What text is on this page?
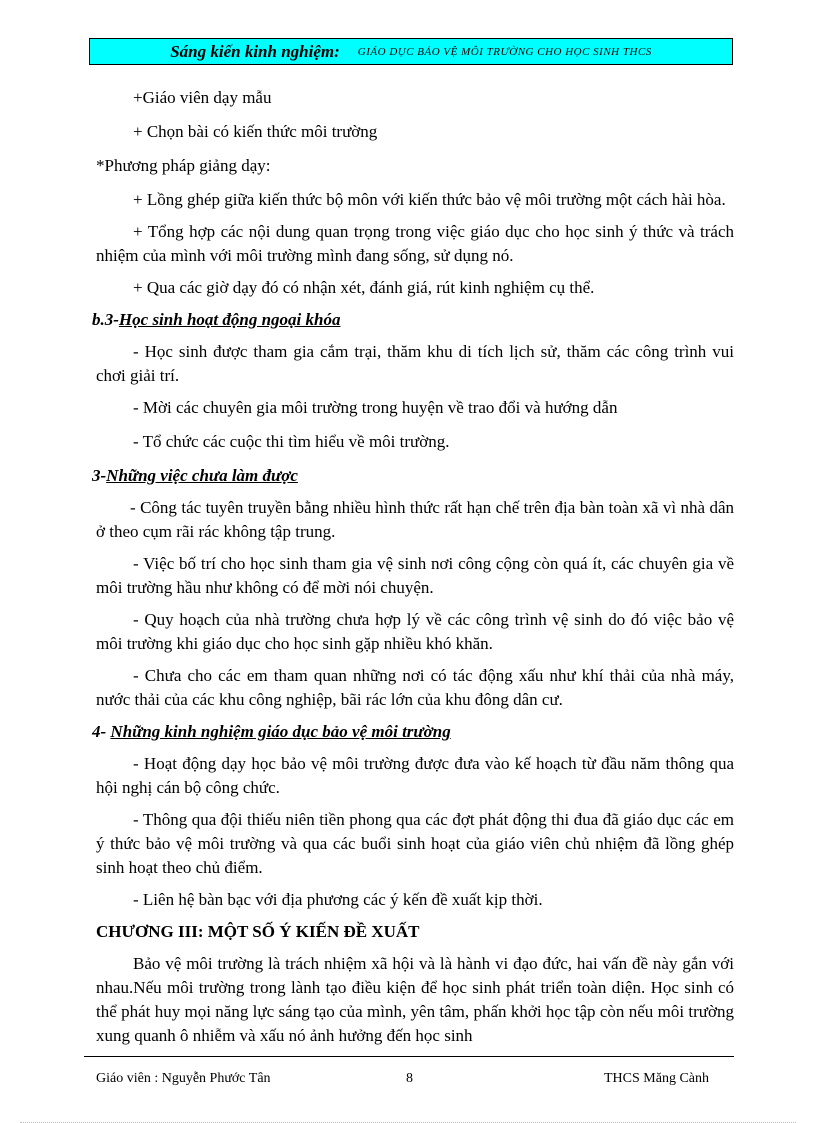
Sáng kiến kinh nghiệm: GIÁO DỤC BẢO VỆ MÔI TRƯỜNG CHO HỌC SINH THCS

+Giáo viên dạy mẫu

+ Chọn bài có kiến thức môi trường

*Phương pháp giảng dạy:

+ Lồng ghép giữa kiến thức bộ môn với kiến thức bảo vệ môi trường một cách hài hòa.

+ Tổng hợp các nội dung quan trọng trong việc giáo dục cho học sinh ý thức và trách nhiệm của mình với môi trường mình đang sống, sử dụng nó.

+ Qua các giờ dạy đó có nhận xét, đánh giá, rút kinh nghiệm cụ thể.

b.3-Học sinh hoạt động ngoại khóa

- Học sinh được tham gia cắm trại, thăm khu di tích lịch sử, thăm các công trình vui chơi giải trí.

- Mời các chuyên gia môi trường trong huyện về trao đổi và hướng dẫn

- Tổ chức các cuộc thi tìm hiểu về môi trường.

3-Những việc chưa làm được

- Công tác tuyên truyền bằng nhiều hình thức rất hạn chế trên địa bàn toàn xã vì nhà dân ở theo cụm rãi rác không tập trung.

- Việc bố trí cho học sinh tham gia vệ sinh nơi công cộng còn quá ít, các chuyên gia về môi trường hầu như không có để mời nói chuyện.

- Quy hoạch của nhà trường chưa hợp lý về các công trình vệ sinh do đó việc bảo vệ môi trường khi giáo dục cho học sinh gặp nhiều khó khăn.

- Chưa cho các em tham quan những nơi có tác động xấu như khí thải của nhà máy, nước thải của các khu công nghiệp, bãi rác lớn của khu đông dân cư.

4- Những kinh nghiệm giáo dục bảo vệ môi trường

- Hoạt động dạy học bảo vệ môi trường được đưa vào kế hoạch từ đầu năm thông qua hội nghị cán bộ công chức.

- Thông qua đội thiếu niên tiền phong qua các đợt phát động thi đua đã giáo dục các em ý thức bảo vệ môi trường và qua các buổi sinh hoạt của giáo viên chủ nhiệm đã lồng ghép sinh hoạt theo chủ điểm.

- Liên hệ bàn bạc với địa phương các ý kến đề xuất kịp thời.

CHƯƠNG III: MỘT SỐ Ý KIẾN ĐỀ XUẤT

Bảo vệ môi trường là trách nhiệm xã hội và là hành vi đạo đức, hai vấn đề này gắn với nhau.Nếu môi trường trong lành tạo điều kiện để học sinh phát triển toàn diện. Học sinh có thể phát huy mọi năng lực sáng tạo của mình, yên tâm, phấn khởi học tập còn nếu môi trường xung quanh ô nhiễm và xấu nó ảnh hưởng đến học sinh

Giáo viên : Nguyễn Phước Tân	8	THCS Măng Cành
